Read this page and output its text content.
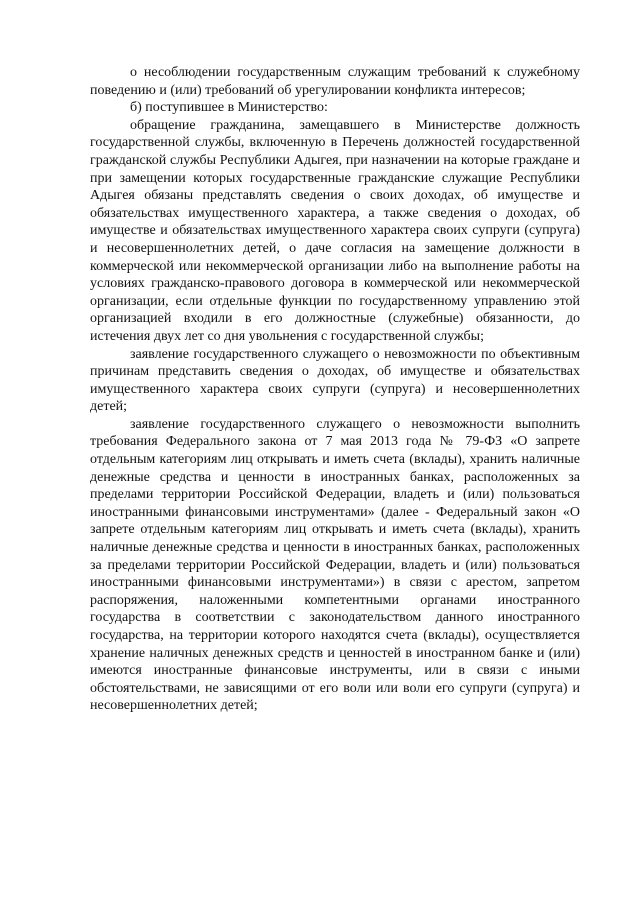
о несоблюдении государственным служащим требований к служебному поведению и (или) требований об урегулировании конфликта интересов;

б) поступившее в Министерство:

обращение гражданина, замещавшего в Министерстве должность государственной службы, включенную в Перечень должностей государственной гражданской службы Республики Адыгея, при назначении на которые граждане и при замещении которых государственные гражданские служащие Республики Адыгея обязаны представлять сведения о своих доходах, об имуществе и обязательствах имущественного характера, а также сведения о доходах, об имуществе и обязательствах имущественного характера своих супруги (супруга) и несовершеннолетних детей, о даче согласия на замещение должности в коммерческой или некоммерческой организации либо на выполнение работы на условиях гражданско-правового договора в коммерческой или некоммерческой организации, если отдельные функции по государственному управлению этой организацией входили в его должностные (служебные) обязанности, до истечения двух лет со дня увольнения с государственной службы;

заявление государственного служащего о невозможности по объективным причинам представить сведения о доходах, об имуществе и обязательствах имущественного характера своих супруги (супруга) и несовершеннолетних детей;

заявление государственного служащего о невозможности выполнить требования Федерального закона от 7 мая 2013 года № 79-ФЗ «О запрете отдельным категориям лиц открывать и иметь счета (вклады), хранить наличные денежные средства и ценности в иностранных банках, расположенных за пределами территории Российской Федерации, владеть и (или) пользоваться иностранными финансовыми инструментами» (далее - Федеральный закон «О запрете отдельным категориям лиц открывать и иметь счета (вклады), хранить наличные денежные средства и ценности в иностранных банках, расположенных за пределами территории Российской Федерации, владеть и (или) пользоваться иностранными финансовыми инструментами») в связи с арестом, запретом распоряжения, наложенными компетентными органами иностранного государства в соответствии с законодательством данного иностранного государства, на территории которого находятся счета (вклады), осуществляется хранение наличных денежных средств и ценностей в иностранном банке и (или) имеются иностранные финансовые инструменты, или в связи с иными обстоятельствами, не зависящими от его воли или воли его супруги (супруга) и несовершеннолетних детей;
